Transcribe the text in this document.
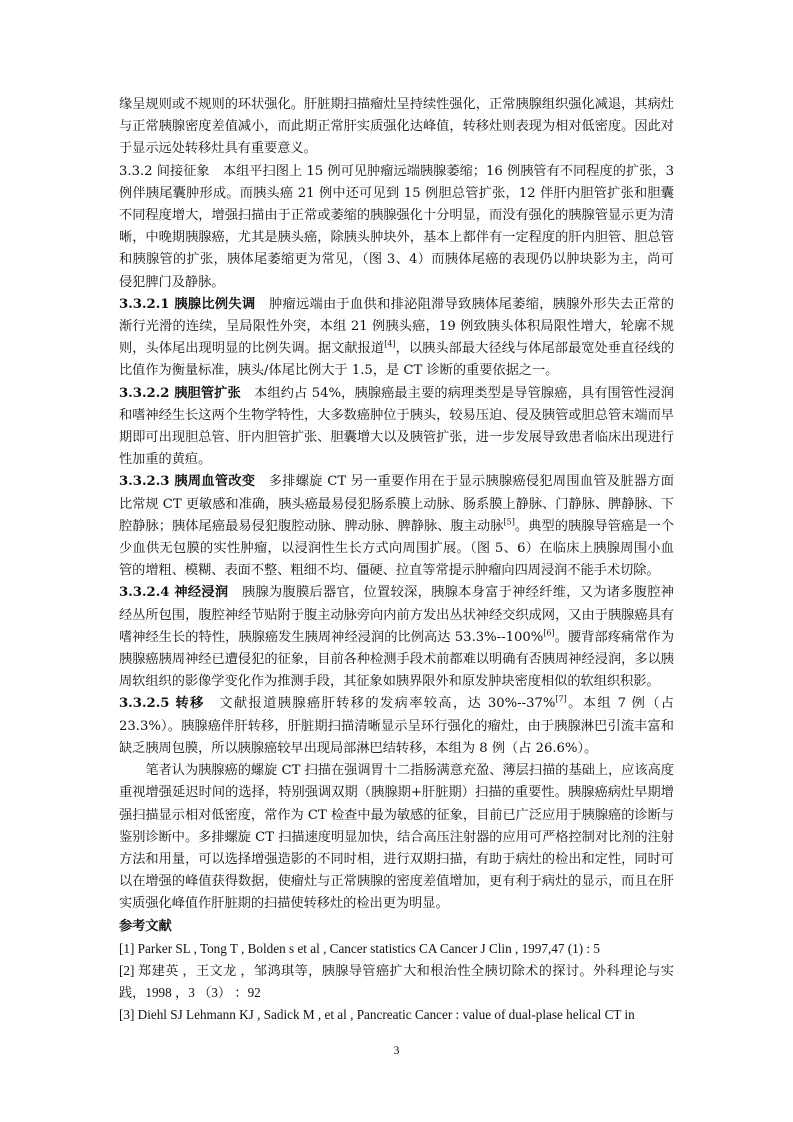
缘呈规则或不规则的环状强化。肝脏期扫描瘤灶呈持续性强化，正常胰腺组织强化减退，其病灶与正常胰腺密度差值减小，而此期正常肝实质强化达峰值，转移灶则表现为相对低密度。因此对于显示远处转移灶具有重要意义。

3.3.2 间接征象　本组平扫图上 15 例可见肿瘤远端胰腺萎缩；16 例胰管有不同程度的扩张，3 例伴胰尾囊肿形成。而胰头癌 21 例中还可见到 15 例胆总管扩张，12 伴肝内胆管扩张和胆囊不同程度增大，增强扫描由于正常或萎缩的胰腺强化十分明显，而没有强化的胰腺管显示更为清晰，中晚期胰腺癌，尤其是胰头癌，除胰头肿块外，基本上都伴有一定程度的肝内胆管、胆总管和胰腺管的扩张，胰体尾萎缩更为常见，（图 3、4）而胰体尾癌的表现仍以肿块影为主，尚可侵犯脾门及静脉。

3.3.2.1 胰腺比例失调　肿瘤远端由于血供和排泌阻滞导致胰体尾萎缩，胰腺外形失去正常的渐行光滑的连续，呈局限性外突，本组 21 例胰头癌，19 例致胰头体积局限性增大，轮廓不规则，头体尾出现明显的比例失调。据文献报道[4]，以胰头部最大径线与体尾部最宽处垂直径线的比值作为衡量标准，胰头/体尾比例大于 1.5，是 CT 诊断的重要依据之一。

3.3.2.2 胰胆管扩张　本组约占 54%，胰腺癌最主要的病理类型是导管腺癌，具有围管性浸润和嗜神经生长这两个生物学特性，大多数癌肿位于胰头，较易压迫、侵及胰管或胆总管末端而早期即可出现胆总管、肝内胆管扩张、胆囊增大以及胰管扩张，进一步发展导致患者临床出现进行性加重的黄疸。

3.3.2.3 胰周血管改变　多排螺旋 CT 另一重要作用在于显示胰腺癌侵犯周围血管及脏器方面比常规 CT 更敏感和准确，胰头癌最易侵犯肠系膜上动脉、肠系膜上静脉、门静脉、脾静脉、下腔静脉；胰体尾癌最易侵犯腹腔动脉、脾动脉、脾静脉、腹主动脉[5]。典型的胰腺导管癌是一个少血供无包膜的实性肿瘤，以浸润性生长方式向周围扩展。（图 5、6）在临床上胰腺周围小血管的增粗、模糊、表面不整、粗细不均、僵硬、拉直等常提示肿瘤向四周浸润不能手术切除。

3.3.2.4 神经浸润　胰腺为腹膜后器官，位置较深，胰腺本身富于神经纤维，又为诸多腹腔神经丛所包围，腹腔神经节贴附于腹主动脉旁向内前方发出丛状神经交织成网，又由于胰腺癌具有嗜神经生长的特性，胰腺癌发生胰周神经浸润的比例高达 53.3%--100%[6]。腰背部疼痛常作为胰腺癌胰周神经已遭侵犯的征象，目前各种检测手段术前都难以明确有否胰周神经浸润，多以胰周软组织的影像学变化作为推测手段，其征象如胰界限外和原发肿块密度相似的软组织积影。

3.3.2.5 转移　文献报道胰腺癌肝转移的发病率较高，达 30%--37%[7]。本组 7 例（占 23.3%）。胰腺癌伴肝转移，肝脏期扫描清晰显示呈环行强化的瘤灶，由于胰腺淋巴引流丰富和缺乏胰周包膜，所以胰腺癌较早出现局部淋巴结转移，本组为 8 例（占 26.6%）。

笔者认为胰腺癌的螺旋 CT 扫描在强调胃十二指肠满意充盈、薄层扫描的基础上，应该高度重视增强延迟时间的选择，特别强调双期（胰腺期+肝脏期）扫描的重要性。胰腺癌病灶早期增强扫描显示相对低密度，常作为 CT 检查中最为敏感的征象，目前已广泛应用于胰腺癌的诊断与鉴别诊断中。多排螺旋 CT 扫描速度明显加快，结合高压注射器的应用可严格控制对比剂的注射方法和用量，可以选择增强造影的不同时相，进行双期扫描，有助于病灶的检出和定性，同时可以在增强的峰值获得数据，使瘤灶与正常胰腺的密度差值增加，更有利于病灶的显示，而且在肝实质强化峰值作肝脏期的扫描使转移灶的检出更为明显。

参考文献

[1] Parker SL , Tong T , Bolden s et al , Cancer statistics CA Cancer J Clin , 1997,47 (1) : 5

[2] 郑建英 ，王文龙 ，邹鸿琪等，胰腺导管癌扩大和根治性全胰切除术的探讨。外科理论与实践，1998 ，3 （3） ：92

[3] Diehl SJ Lehmann KJ , Sadick M , et al , Pancreatic Cancer : value of dual-plase helical CT in

3
